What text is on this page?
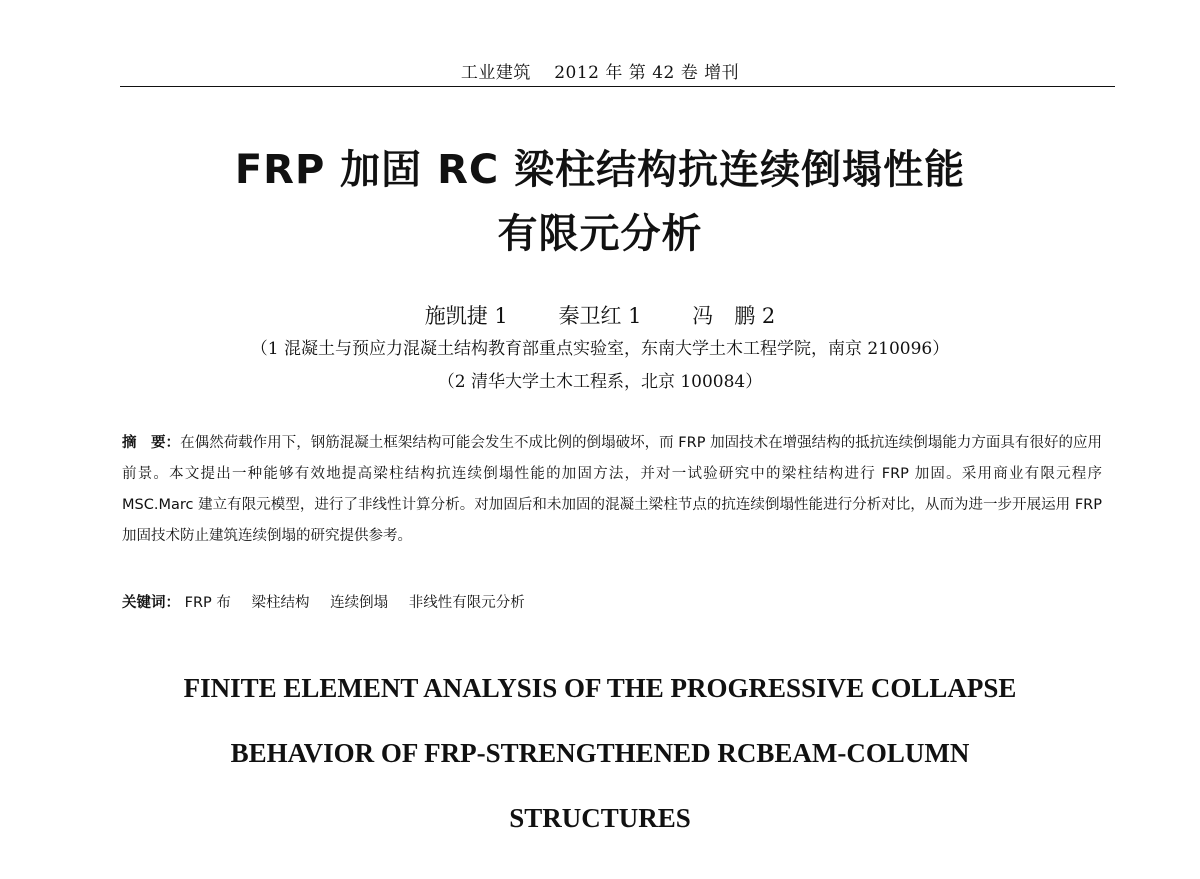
工业建筑　 2012 年 第 42 卷 增刊
FRP 加固 RC 梁柱结构抗连续倒塌性能
有限元分析
施凯捷 1 秦卫红 1 冯　鹏 2
（1 混凝土与预应力混凝土结构教育部重点实验室，东南大学土木工程学院，南京 210096）
（2 清华大学土木工程系，北京 100084）
摘　要：在偶然荷载作用下，钢筋混凝土框架结构可能会发生不成比例的倒塌破坏，而 FRP 加固技术在增强结构的抵抗连续倒塌能力方面具有很好的应用前景。本文提出一种能够有效地提高梁柱结构抗连续倒塌性能的加固方法，并对一试验研究中的梁柱结构进行 FRP 加固。采用商业有限元程序 MSC.Marc 建立有限元模型，进行了非线性计算分析。对加固后和未加固的混凝土梁柱节点的抗连续倒塌性能进行分析对比，从而为进一步开展运用 FRP 加固技术防止建筑连续倒塌的研究提供参考。
关键词： FRP 布 梁柱结构 连续倒塌 非线性有限元分析
FINITE ELEMENT ANALYSIS OF THE PROGRESSIVE COLLAPSE
BEHAVIOR OF FRP-STRENGTHENED RCBEAM-COLUMN
STRUCTURES
